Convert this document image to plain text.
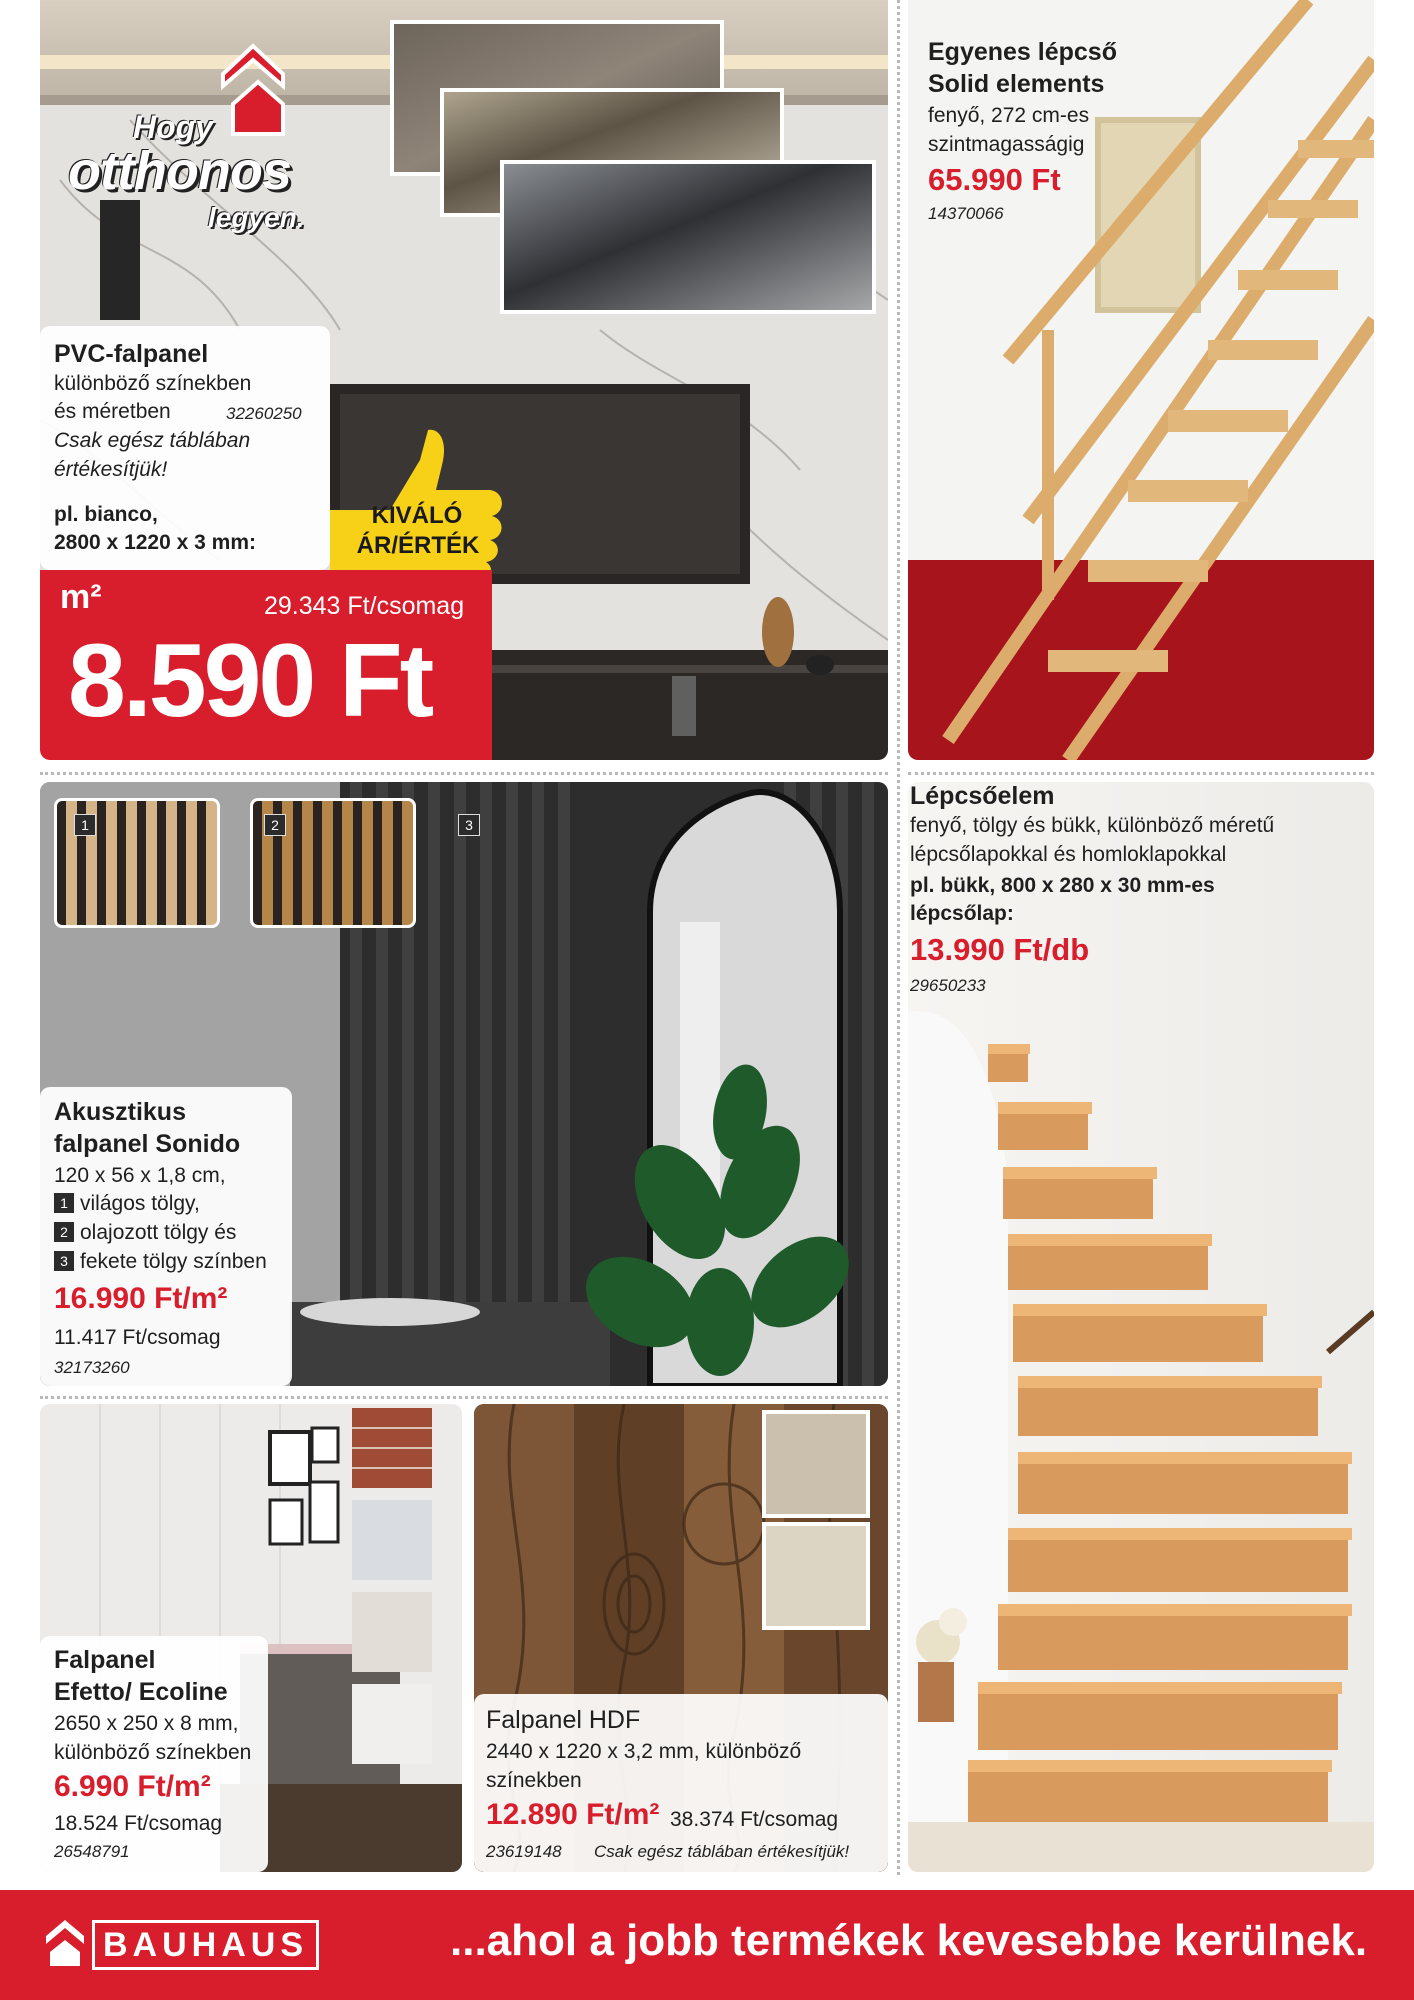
Hogy
otthonos
legyen.
PVC-falpanel
különböző színekben
és méretben	32260250
Csak egész táblában
értékesítjük!
pl. bianco,
2800 x 1220 x 3 mm:
KIVÁLÓ
ÁR/ÉRTÉK
m²	29.343 Ft/csomag
8.590 Ft
Egyenes lépcső
Solid elements
fenyő, 272 cm-es
szintmagasságig
65.990 Ft
14370066
1	2	3
Akusztikus
falpanel Sonido
120 x 56 x 1,8 cm,
1 világos tölgy,
2 olajozott tölgy és
3 fekete tölgy színben
16.990 Ft/m²
11.417 Ft/csomag
32173260
Lépcsőelem
fenyő, tölgy és bükk, különböző méretű
lépcsőlapokkal és homloklapokkal
pl. bükk, 800 x 280 x 30 mm-es
lépcsőlap:
13.990 Ft/db
29650233
Falpanel
Efetto/ Ecoline
2650 x 250 x 8 mm,
különböző színekben
6.990 Ft/m²
18.524 Ft/csomag
26548791
Falpanel HDF
2440 x 1220 x 3,2 mm, különböző
színekben
12.890 Ft/m² 38.374 Ft/csomag
23619148 Csak egész táblában értékesítjük!
BAUHAUS	...ahol a jobb termékek kevesebbe kerülnek.
